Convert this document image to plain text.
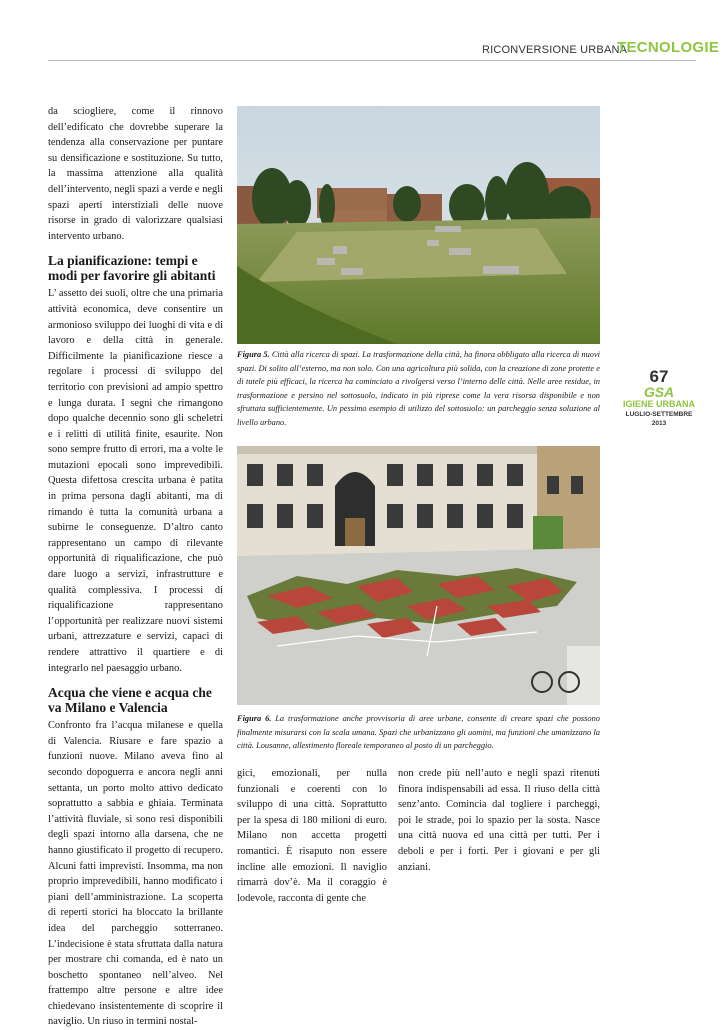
RICONVERSIONE URBANA
TECNOLOGIE

da sciogliere, come il rinnovo dell’edificato che dovrebbe superare la tendenza alla conservazione per puntare su densificazione e sostituzione. Su tutto, la massima attenzione alla qualità dell’intervento, negli spazi a verde e negli spazi aperti interstiziali delle nuove risorse in grado di valorizzare qualsiasi intervento urbano.

La pianificazione: tempi e modi per favorire gli abitanti

L’ assetto dei suoli, oltre che una primaria attività economica, deve consentire un armonioso sviluppo dei luoghi di vita e di lavoro e della città in generale. Difficilmente la pianificazione riesce a regolare i processi di sviluppo del territorio con previsioni ad ampio spettro e lunga durata. I segni che rimangono dopo qualche decennio sono gli scheletri e i relitti di utilità finite, esaurite. Non sono sempre frutto di errori, ma a volte le mutazioni epocali sono imprevedibili. Questa difettosa crescita urbana è patita in prima persona dagli abitanti, ma di rimando è tutta la comunità urbana a subirne le conseguenze. D’altro canto rappresentano un campo di rilevante opportunità di riqualificazione, che può dare luogo a servizi, infrastrutture e qualità complessiva. I processi di riqualificazione rappresentano l’opportunità per realizzare nuovi sistemi urbani, attrezzature e servizi, capaci di rendere attrattivo il quartiere e di integrarlo nel paesaggio urbano.

Acqua che viene e acqua che va Milano e Valencia

Confronto fra l’acqua milanese e quella di Valencia. Riusare e fare spazio a funzioni nuove. Milano aveva fino al secondo dopoguerra e ancora negli anni settanta, un porto molto attivo dedicato soprattutto a sabbia e ghiaia. Terminata l’attività fluviale, si sono resi disponibili degli spazi intorno alla darsena, che ne hanno giustificato il progetto di recupero. Alcuni fatti imprevisti. Insomma, ma non proprio imprevedibili, hanno modificato i piani dell’amministrazione. La scoperta di reperti storici ha bloccato la brillante idea del parcheggio sotterraneo. L’indecisione è stata sfruttata dalla natura per mostrare chi comanda, ed è nato un boschetto spontaneo nell’alveo. Nel frattempo altre persone e altre idee chiedevano insistentemente di scoprire il naviglio. Un riuso in termini nostal-

Figura 5. Città alla ricerca di spazi. La trasformazione della città, ha finora obbligato alla ricerca di nuovi spazi. Di solito all’esterno, ma non solo. Con una agricoltura più solida, con la creazione di zone protette e di tutele più efficaci, la ricerca ha cominciato a rivolgersi verso l’interno delle città. Nelle aree residue, in trasformazione e persino nel sottosuolo, indicato in più riprese come la vera risorsa disponibile e non sfruttata sufficientemente. Un pessimo esempio di utilizzo del sottosuolo: un parcheggio senza soluzione al livello urbano.
Figura 6. La trasformazione anche provvisoria di aree urbane, consente di creare spazi che possono finalmente misurarsi con la scala umana. Spazi che urbanizzano gli uomini, ma funzioni che umanizzano la città. Lousanne, allestimento floreale temporaneo al posto di un parcheggio.

gici, emozionali, per nulla funzionali e coerenti con lo sviluppo di una città. Soprattutto per la spesa di 180 milioni di euro. Milano non accetta progetti romantici. È risaputo non essere incline alle emozioni. Il naviglio rimarrà dov’è. Ma il coraggio è lodevole, racconta di gente che

non crede più nell’auto e negli spazi ritenuti finora indispensabili ad essa. Il riuso della città senz’anto. Comincia dal togliere i parcheggi, poi le strade, poi lo spazio per la sosta. Nasce una città nuova ed una città per tutti. Per i deboli e per i forti. Per i giovani e per gli anziani.

67
GSA
IGIENE URBANA
LUGLIO-SETTEMBRE 2013
